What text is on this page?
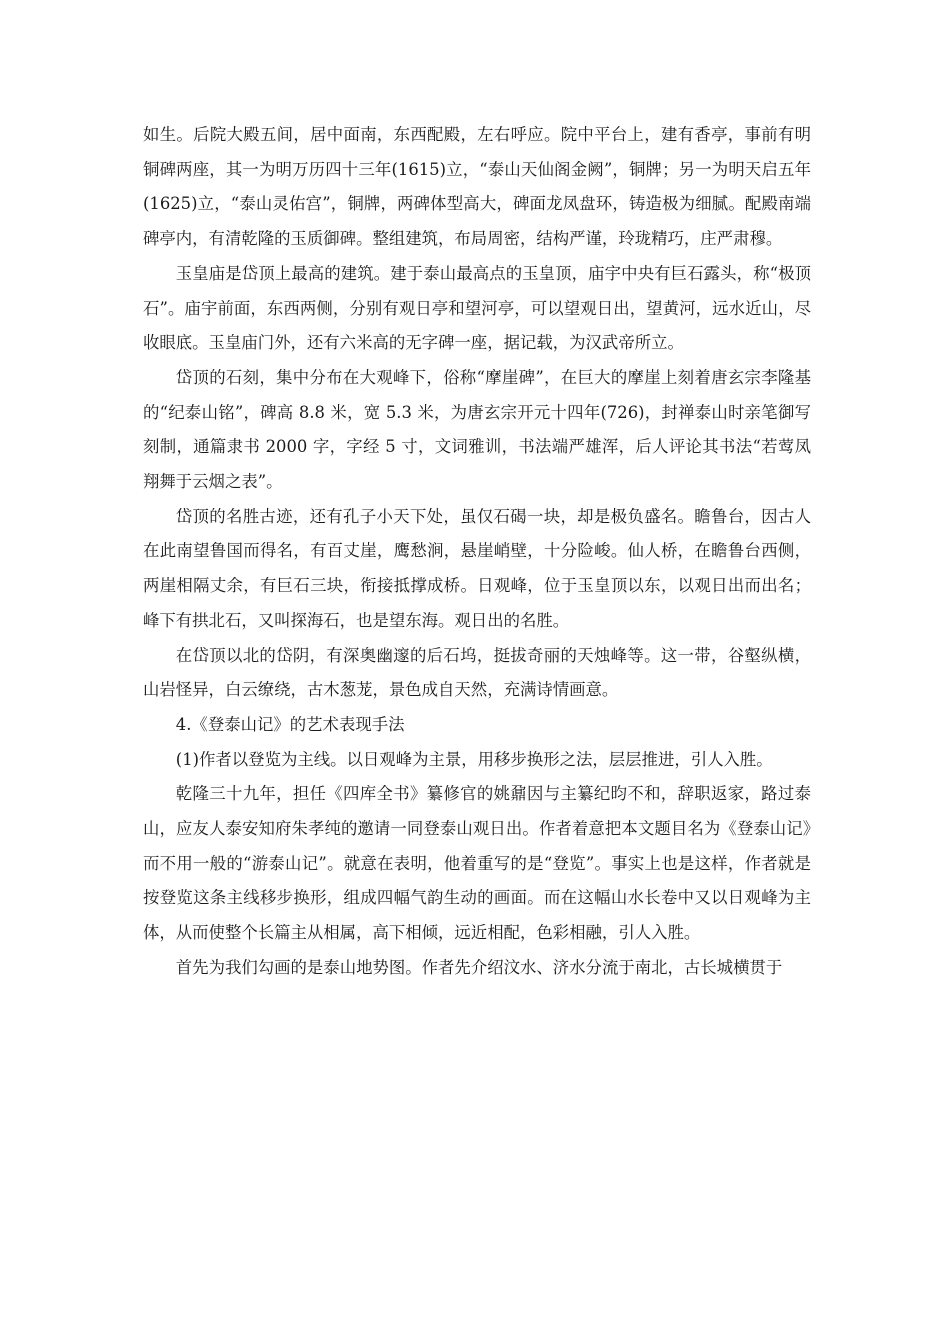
如生。后院大殿五间，居中面南，东西配殿，左右呼应。院中平台上，建有香亭，事前有明铜碑两座，其一为明万历四十三年(1615)立，“泰山天仙阁金阙”，铜牌；另一为明天启五年(1625)立，“泰山灵佑宫”，铜牌，两碑体型高大，碑面龙凤盘环，铸造极为细腻。配殿南端碑亭内，有清乾隆的玉质御碑。整组建筑，布局周密，结构严谨，玲珑精巧，庄严肃穆。

玉皇庙是岱顶上最高的建筑。建于泰山最高点的玉皇顶，庙宇中央有巨石露头，称“极顶石”。庙宇前面，东西两侧，分别有观日亭和望河亭，可以望观日出，望黄河，远水近山，尽收眼底。玉皇庙门外，还有六米高的无字碑一座，据记载，为汉武帝所立。

岱顶的石刻，集中分布在大观峰下，俗称“摩崖碑”，在巨大的摩崖上刻着唐玄宗李隆基的“纪泰山铭”，碑高 8.8 米，宽 5.3 米，为唐玄宗开元十四年(726)，封禅泰山时亲笔御写刻制，通篇隶书 2000 字，字经 5 寸，文词雅训，书法端严雄浑，后人评论其书法“若莺凤翔舞于云烟之表”。

岱顶的名胜古迹，还有孔子小天下处，虽仅石碣一块，却是极负盛名。瞻鲁台，因古人在此南望鲁国而得名，有百丈崖，鹰愁涧，悬崖峭壁，十分险峻。仙人桥，在瞻鲁台西侧，两崖相隔丈余，有巨石三块，衔接抵撑成桥。日观峰，位于玉皇顶以东，以观日出而出名；峰下有拱北石，又叫探海石，也是望东海。观日出的名胜。

在岱顶以北的岱阴，有深奥幽邃的后石坞，挺拔奇丽的天烛峰等。这一带，谷壑纵横，山岩怪异，白云缭绕，古木葱茏，景色成自天然，充满诗情画意。

4.《登泰山记》的艺术表现手法

(1)作者以登览为主线。以日观峰为主景，用移步换形之法，层层推进，引人入胜。

乾隆三十九年，担任《四库全书》纂修官的姚鼐因与主纂纪昀不和，辞职返家，路过泰山，应友人泰安知府朱孝纯的邀请一同登泰山观日出。作者着意把本文题目名为《登泰山记》而不用一般的“游泰山记”。就意在表明，他着重写的是“登览”。事实上也是这样，作者就是按登览这条主线移步换形，组成四幅气韵生动的画面。而在这幅山水长卷中又以日观峰为主体，从而使整个长篇主从相属，高下相倾，远近相配，色彩相融，引人入胜。

首先为我们勾画的是泰山地势图。作者先介绍汶水、济水分流于南北，古长城横贯于
